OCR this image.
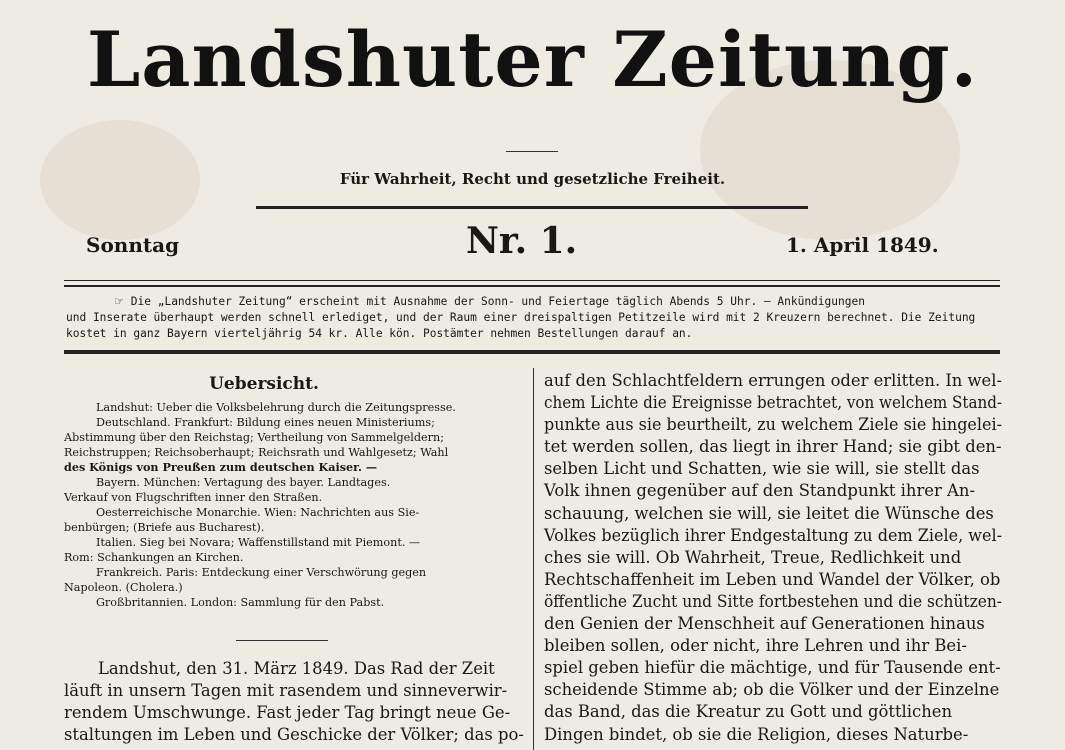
Landshuter Zeitung.
Für Wahrheit, Recht und gesetzliche Freiheit.
Sonntag	Nr. 1.	1. April 1849.
☞ Die „Landshuter Zeitung“ erscheint mit Ausnahme der Sonn- und Feiertage täglich Abends 5 Uhr. — Ankündigungen
und Inserate überhaupt werden schnell erlediget, und der Raum einer dreispaltigen Petitzeile wird mit 2 Kreuzern berechnet. Die Zeitung
kostet in ganz Bayern vierteljährig 54 kr. Alle kön. Postämter nehmen Bestellungen darauf an.
Uebersicht.
Landshut: Ueber die Volksbelehrung durch die Zeitungspresse.
Deutschland. Frankfurt: Bildung eines neuen Ministeriums;
Abstimmung über den Reichstag; Vertheilung von Sammelgeldern;
Reichstruppen; Reichsoberhaupt; Reichsrath und Wahlgesetz; Wahl
des Königs von Preußen zum deutschen Kaiser. —
Bayern. München: Vertagung des bayer. Landtages.
Verkauf von Flugschriften inner den Straßen.
Oesterreichische Monarchie. Wien: Nachrichten aus Sie-
benbürgen; (Briefe aus Bucharest).
Italien. Sieg bei Novara; Waffenstillstand mit Piemont. —
Rom: Schankungen an Kirchen.
Frankreich. Paris: Entdeckung einer Verschwörung gegen
Napoleon. (Cholera.)
Großbritannien. London: Sammlung für den Pabst.
Landshut, den 31. März 1849. Das Rad der Zeit
läuft in unsern Tagen mit rasendem und sinneverwir-
rendem Umschwunge. Fast jeder Tag bringt neue Ge-
staltungen im Leben und Geschicke der Völker; das po-
auf den Schlachtfeldern errungen oder erlitten. In wel-
chem Lichte die Ereignisse betrachtet, von welchem Stand-
punkte aus sie beurtheilt, zu welchem Ziele sie hingelei-
tet werden sollen, das liegt in ihrer Hand; sie gibt den-
selben Licht und Schatten, wie sie will, sie stellt das
Volk ihnen gegenüber auf den Standpunkt ihrer An-
schauung, welchen sie will, sie leitet die Wünsche des
Volkes bezüglich ihrer Endgestaltung zu dem Ziele, wel-
ches sie will. Ob Wahrheit, Treue, Redlichkeit und
Rechtschaffenheit im Leben und Wandel der Völker, ob
öffentliche Zucht und Sitte fortbestehen und die schützen-
den Genien der Menschheit auf Generationen hinaus
bleiben sollen, oder nicht, ihre Lehren und ihr Bei-
spiel geben hiefür die mächtige, und für Tausende ent-
scheidende Stimme ab; ob die Völker und der Einzelne
das Band, das die Kreatur zu Gott und göttlichen
Dingen bindet, ob sie die Religion, dieses Naturbe-
